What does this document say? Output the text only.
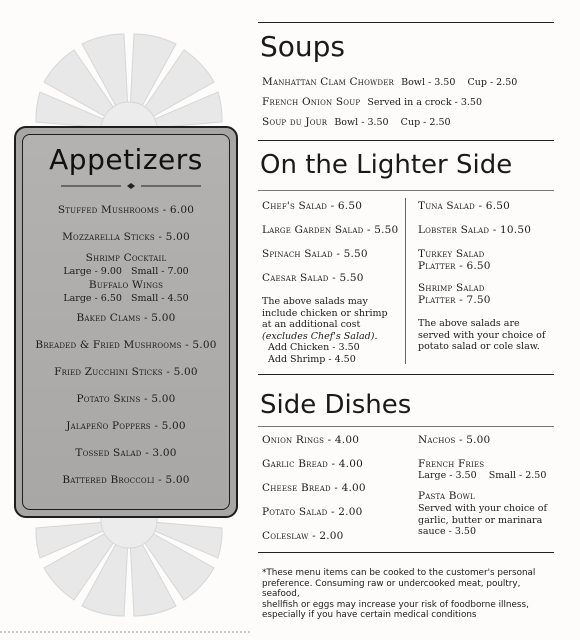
Appetizers
Stuffed Mushrooms - 6.00
Mozzarella Sticks - 5.00
Shrimp Cocktail
Large - 9.00   Small - 7.00
Buffalo Wings
Large - 6.50   Small - 4.50
Baked Clams - 5.00
Breaded & Fried Mushrooms - 5.00
Fried Zucchini Sticks - 5.00
Potato Skins - 5.00
Jalapeño Poppers - 5.00
Tossed Salad - 3.00
Battered Broccoli - 5.00
Soups
Manhattan Clam Chowder Bowl - 3.50    Cup - 2.50
French Onion Soup Served in a crock - 3.50
Soup du Jour Bowl - 3.50    Cup - 2.50
On the Lighter Side
Chef's Salad - 6.50
Large Garden Salad - 5.50
Spinach Salad - 5.50
Caesar Salad - 5.50
The above salads may
include chicken or shrimp
at an additional cost
(excludes Chef's Salad).
Add Chicken - 3.50
Add Shrimp - 4.50
Tuna Salad - 6.50
Lobster Salad - 10.50
Turkey Salad
Platter - 6.50
Shrimp Salad
Platter - 7.50
The above salads are
served with your choice of
potato salad or cole slaw.
Side Dishes
Onion Rings - 4.00
Garlic Bread - 4.00
Cheese Bread - 4.00
Potato Salad - 2.00
Coleslaw - 2.00
Nachos - 5.00
French Fries
Large - 3.50    Small - 2.50
Pasta Bowl
Served with your choice of
garlic, butter or marinara
sauce - 3.50
*These menu items can be cooked to the customer's personal
preference. Consuming raw or undercooked meat, poultry, seafood,
shellfish or eggs may increase your risk of foodborne illness,
especially if you have certain medical conditions
